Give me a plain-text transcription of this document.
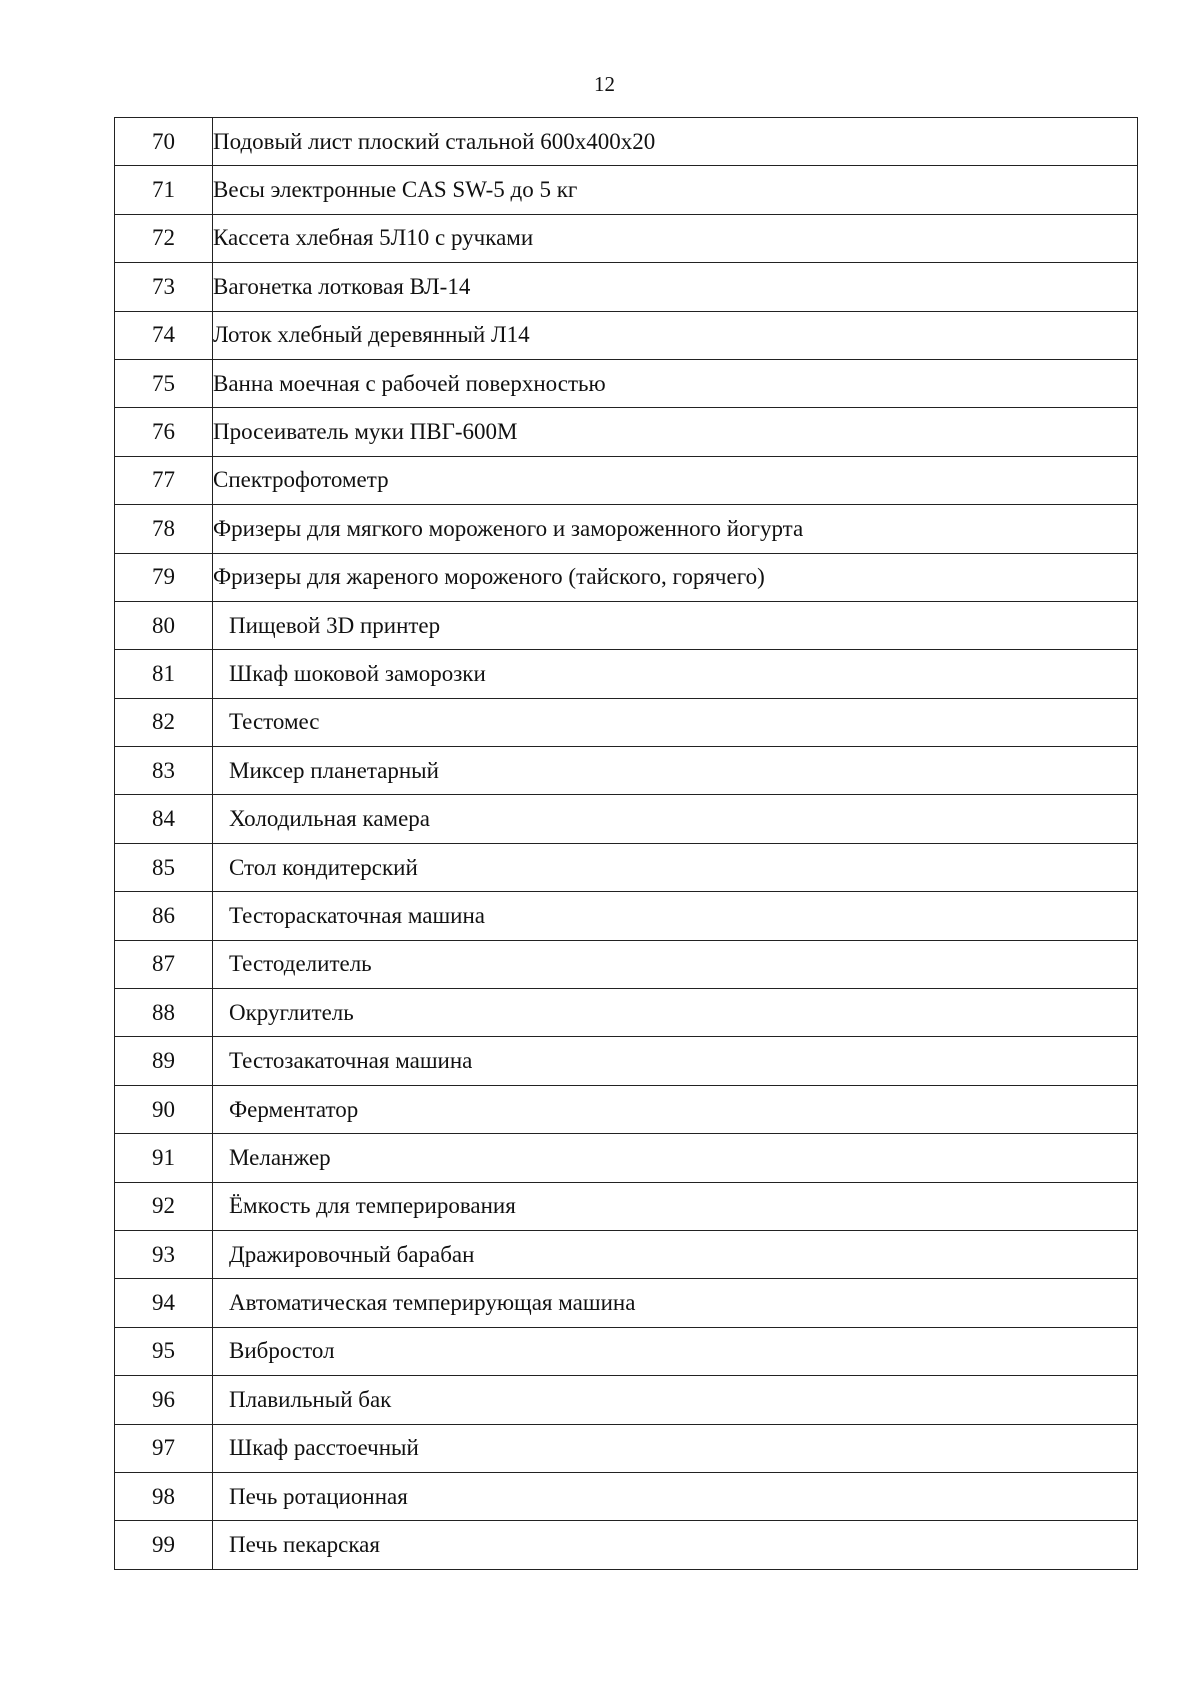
12
70	Подовый лист плоский стальной 600х400х20
71	Весы электронные CAS SW-5 до 5 кг
72	Кассета хлебная 5Л10 с ручками
73	Вагонетка лотковая ВЛ-14
74	Лоток хлебный деревянный Л14
75	Ванна моечная с рабочей поверхностью
76	Просеиватель муки ПВГ-600М
77	Спектрофотометр
78	Фризеры для мягкого мороженого и замороженного йогурта
79	Фризеры для жареного мороженого (тайского, горячего)
80	Пищевой 3D принтер
81	Шкаф шоковой заморозки
82	Тестомес
83	Миксер планетарный
84	Холодильная камера
85	Стол кондитерский
86	Тестораскаточная машина
87	Тестоделитель
88	Округлитель
89	Тестозакаточная машина
90	Ферментатор
91	Меланжер
92	Ёмкость для темперирования
93	Дражировочный барабан
94	Автоматическая темперирующая машина
95	Вибростол
96	Плавильный бак
97	Шкаф расстоечный
98	Печь ротационная
99	Печь пекарская
